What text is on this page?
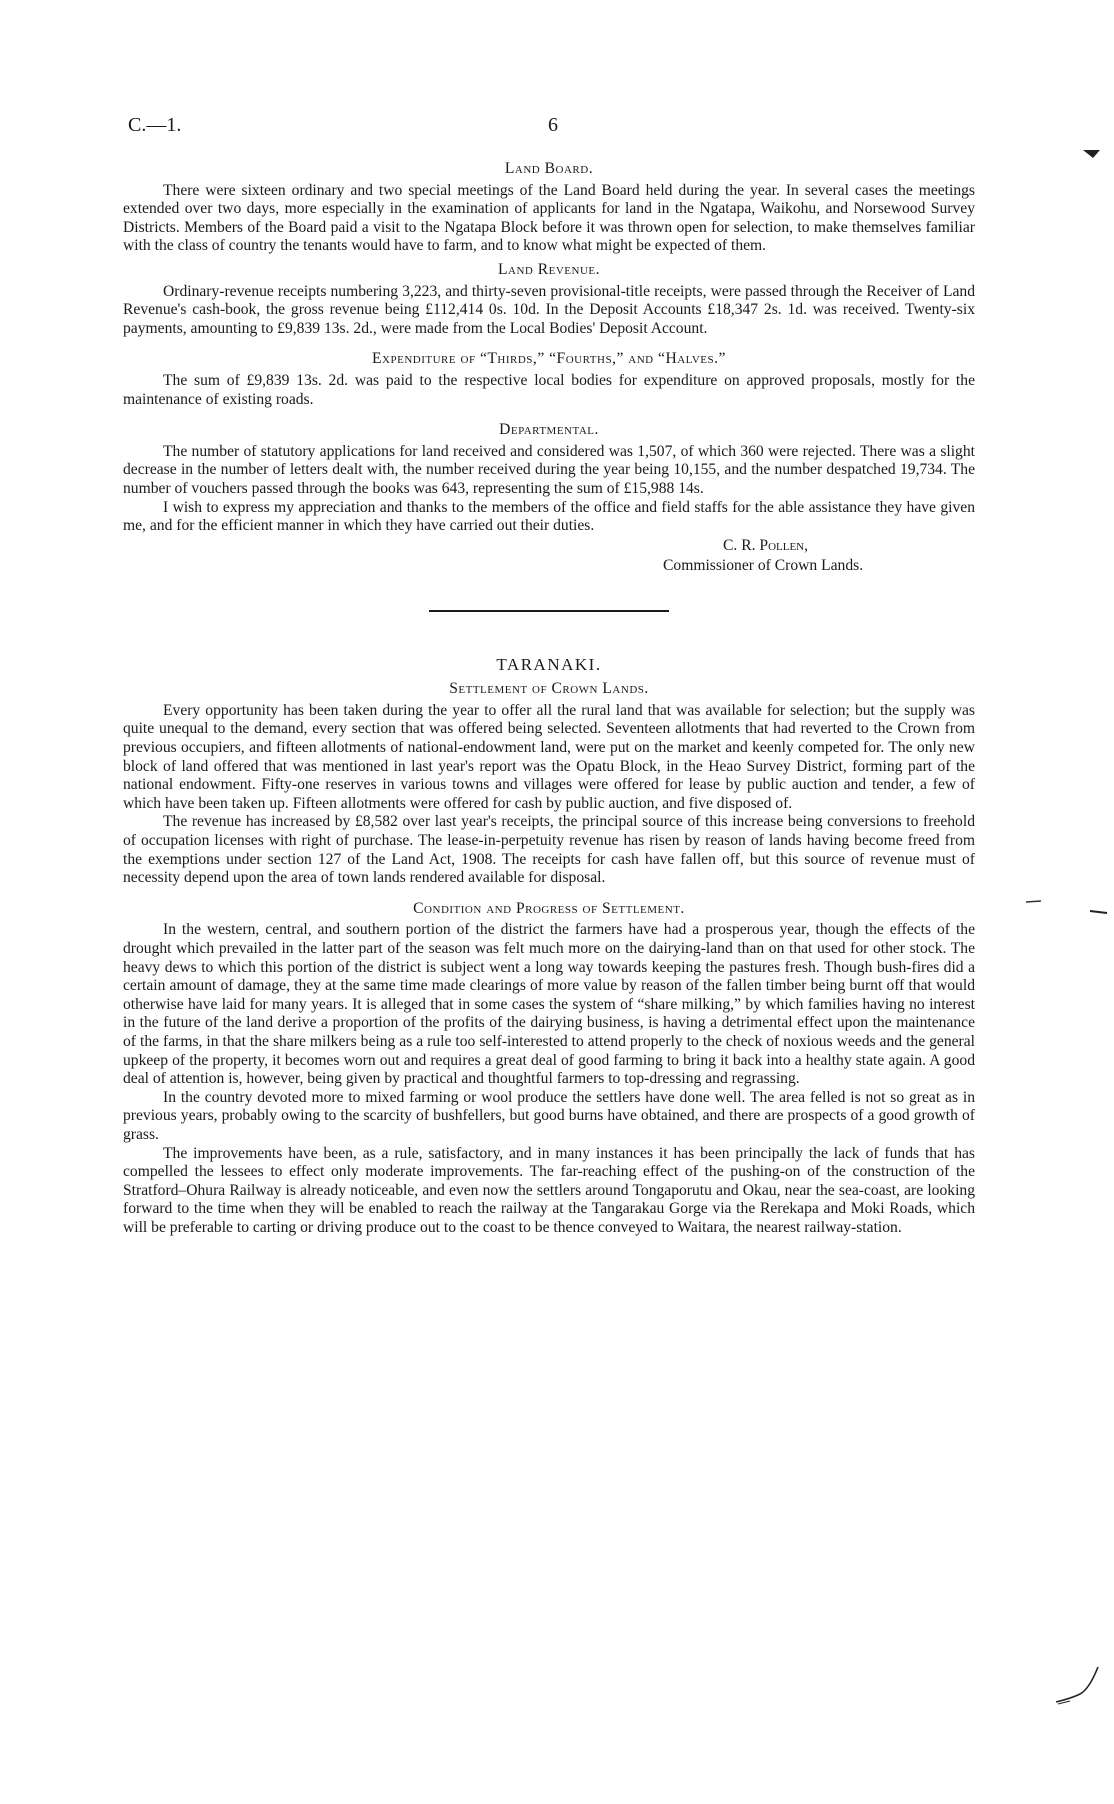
C.—1.	6

Land Board.

There were sixteen ordinary and two special meetings of the Land Board held during the year. In several cases the meetings extended over two days, more especially in the examination of applicants for land in the Ngatapa, Waikohu, and Norsewood Survey Districts. Members of the Board paid a visit to the Ngatapa Block before it was thrown open for selection, to make themselves familiar with the class of country the tenants would have to farm, and to know what might be expected of them.

Land Revenue.

Ordinary-revenue receipts numbering 3,223, and thirty-seven provisional-title receipts, were passed through the Receiver of Land Revenue's cash-book, the gross revenue being £112,414 0s. 10d. In the Deposit Accounts £18,347 2s. 1d. was received. Twenty-six payments, amounting to £9,839 13s. 2d., were made from the Local Bodies' Deposit Account.

Expenditure of “Thirds,” “Fourths,” and “Halves.”

The sum of £9,839 13s. 2d. was paid to the respective local bodies for expenditure on approved proposals, mostly for the maintenance of existing roads.

Departmental.

The number of statutory applications for land received and considered was 1,507, of which 360 were rejected. There was a slight decrease in the number of letters dealt with, the number received during the year being 10,155, and the number despatched 19,734. The number of vouchers passed through the books was 643, representing the sum of £15,988 14s.

I wish to express my appreciation and thanks to the members of the office and field staffs for the able assistance they have given me, and for the efficient manner in which they have carried out their duties.

C. R. Pollen,
Commissioner of Crown Lands.
TARANAKI.

Settlement of Crown Lands.

Every opportunity has been taken during the year to offer all the rural land that was available for selection; but the supply was quite unequal to the demand, every section that was offered being selected. Seventeen allotments that had reverted to the Crown from previous occupiers, and fifteen allotments of national-endowment land, were put on the market and keenly competed for. The only new block of land offered that was mentioned in last year's report was the Opatu Block, in the Heao Survey District, forming part of the national endowment. Fifty-one reserves in various towns and villages were offered for lease by public auction and tender, a few of which have been taken up. Fifteen allotments were offered for cash by public auction, and five disposed of.

The revenue has increased by £8,582 over last year's receipts, the principal source of this increase being conversions to freehold of occupation licenses with right of purchase. The lease-in-perpetuity revenue has risen by reason of lands having become freed from the exemptions under section 127 of the Land Act, 1908. The receipts for cash have fallen off, but this source of revenue must of necessity depend upon the area of town lands rendered available for disposal.

Condition and Progress of Settlement.

In the western, central, and southern portion of the district the farmers have had a prosperous year, though the effects of the drought which prevailed in the latter part of the season was felt much more on the dairying-land than on that used for other stock. The heavy dews to which this portion of the district is subject went a long way towards keeping the pastures fresh. Though bush-fires did a certain amount of damage, they at the same time made clearings of more value by reason of the fallen timber being burnt off that would otherwise have laid for many years. It is alleged that in some cases the system of “share milking,” by which families having no interest in the future of the land derive a proportion of the profits of the dairying business, is having a detrimental effect upon the maintenance of the farms, in that the share milkers being as a rule too self-interested to attend properly to the check of noxious weeds and the general upkeep of the property, it becomes worn out and requires a great deal of good farming to bring it back into a healthy state again. A good deal of attention is, however, being given by practical and thoughtful farmers to top-dressing and regrassing.

In the country devoted more to mixed farming or wool produce the settlers have done well. The area felled is not so great as in previous years, probably owing to the scarcity of bushfellers, but good burns have obtained, and there are prospects of a good growth of grass.

The improvements have been, as a rule, satisfactory, and in many instances it has been principally the lack of funds that has compelled the lessees to effect only moderate improvements. The far-reaching effect of the pushing-on of the construction of the Stratford–Ohura Railway is already noticeable, and even now the settlers around Tongaporutu and Okau, near the sea-coast, are looking forward to the time when they will be enabled to reach the railway at the Tangarakau Gorge via the Rerekapa and Moki Roads, which will be preferable to carting or driving produce out to the coast to be thence conveyed to Waitara, the nearest railway-station.
